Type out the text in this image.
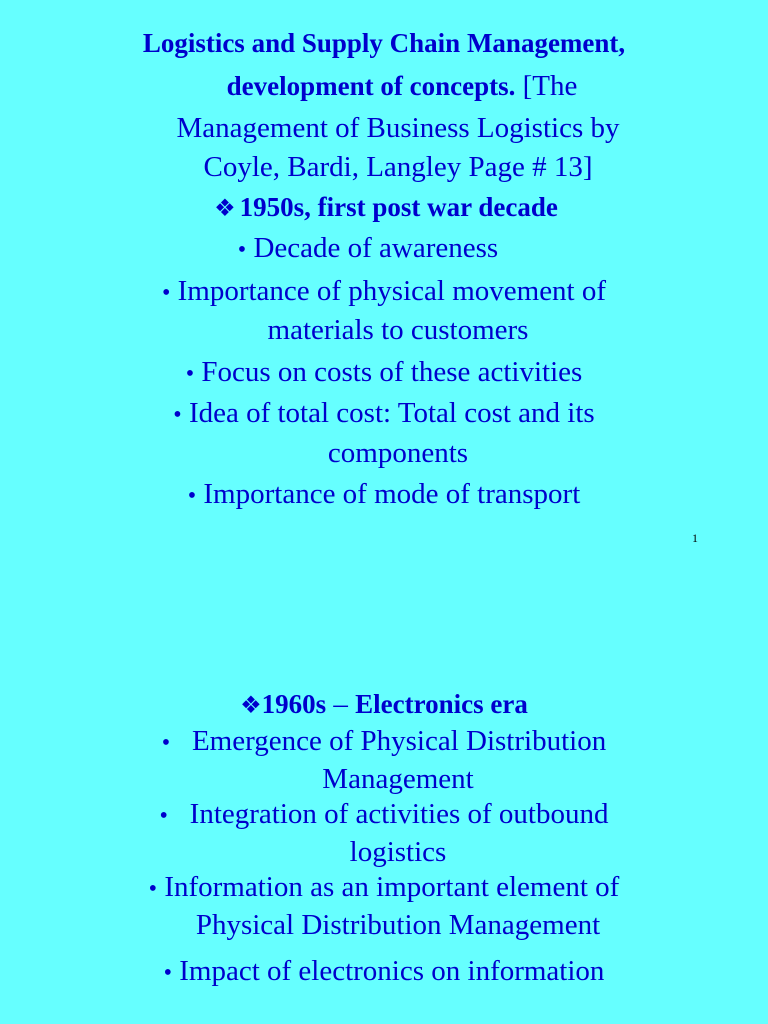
Logistics and Supply Chain Management,
development of concepts. [The
Management of Business Logistics by
Coyle, Bardi, Langley Page # 13]
❖ 1950s, first post war decade
• Decade of awareness
• Importance of physical movement of
materials to customers
• Focus on costs of these activities
• Idea of total cost: Total cost and its
components
• Importance of mode of transport
1
❖1960s – Electronics era
• Emergence of Physical Distribution
Management
• Integration of activities of outbound
logistics
• Information as an important element of
Physical Distribution Management
• Impact of electronics on information
